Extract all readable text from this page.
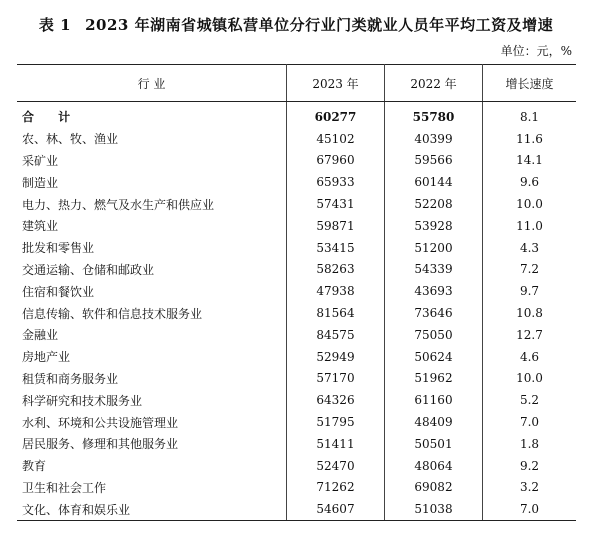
表 1 2023 年湖南省城镇私营单位分行业门类就业人员年平均工资及增速
单位：元，%
行 业	2023 年	2022 年	增长速度
合 计	60277	55780	8.1
农、林、牧、渔业	45102	40399	11.6
采矿业	67960	59566	14.1
制造业	65933	60144	9.6
电力、热力、燃气及水生产和供应业	57431	52208	10.0
建筑业	59871	53928	11.0
批发和零售业	53415	51200	4.3
交通运输、仓储和邮政业	58263	54339	7.2
住宿和餐饮业	47938	43693	9.7
信息传输、软件和信息技术服务业	81564	73646	10.8
金融业	84575	75050	12.7
房地产业	52949	50624	4.6
租赁和商务服务业	57170	51962	10.0
科学研究和技术服务业	64326	61160	5.2
水利、环境和公共设施管理业	51795	48409	7.0
居民服务、修理和其他服务业	51411	50501	1.8
教育	52470	48064	9.2
卫生和社会工作	71262	69082	3.2
文化、体育和娱乐业	54607	51038	7.0
